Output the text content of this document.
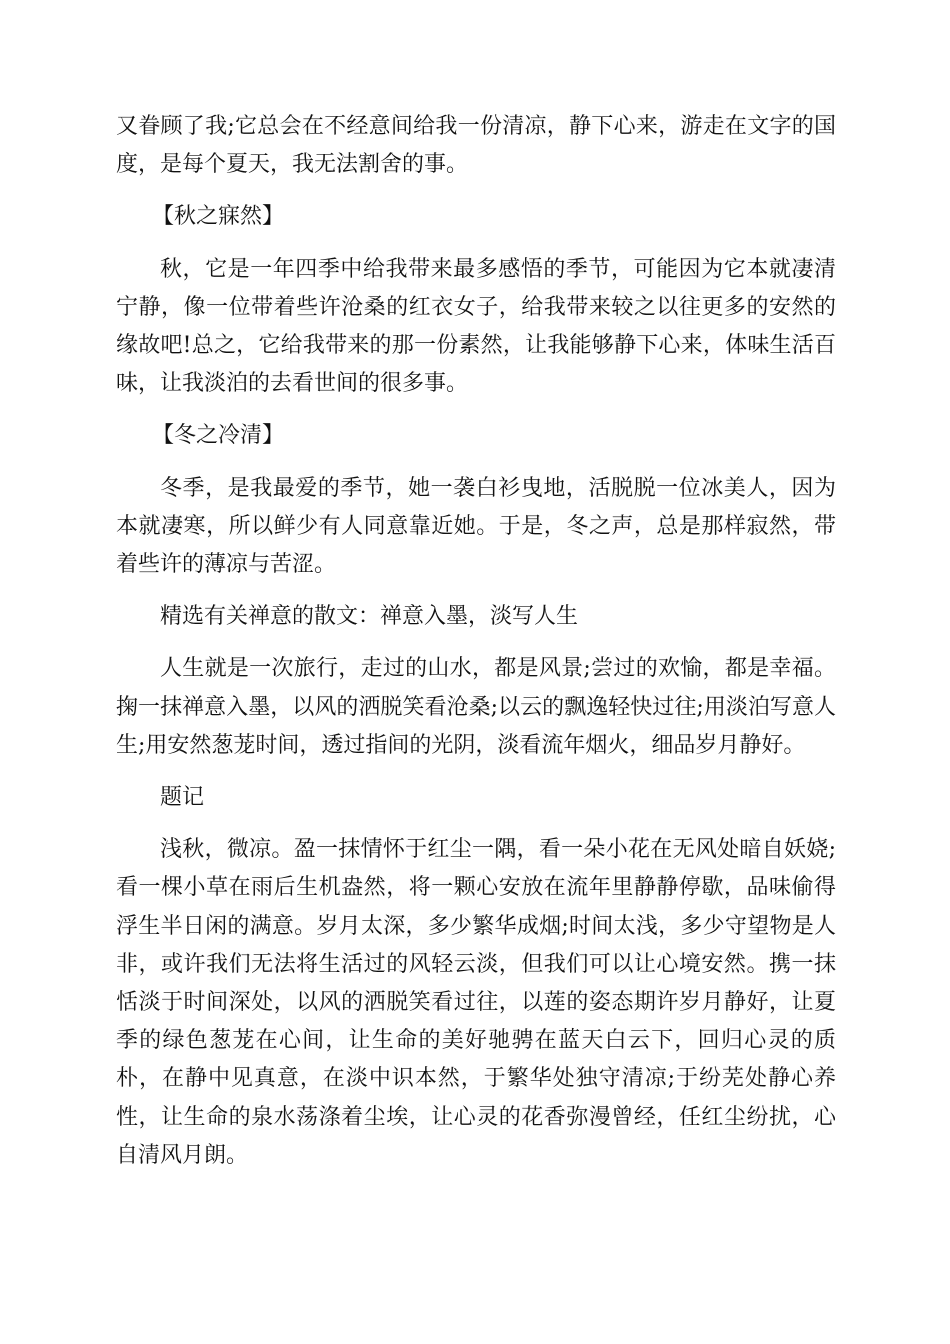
又眷顾了我;它总会在不经意间给我一份清凉，静下心来，游走在文字的国度，是每个夏天，我无法割舍的事。

【秋之寐然】

秋，它是一年四季中给我带来最多感悟的季节，可能因为它本就凄清宁静，像一位带着些许沧桑的红衣女子，给我带来较之以往更多的安然的缘故吧!总之，它给我带来的那一份素然，让我能够静下心来，体味生活百味，让我淡泊的去看世间的很多事。

【冬之冷清】

冬季，是我最爱的季节，她一袭白衫曳地，活脱脱一位冰美人，因为本就凄寒，所以鲜少有人同意靠近她。于是，冬之声，总是那样寂然，带着些许的薄凉与苦涩。

精选有关禅意的散文：禅意入墨，淡写人生

人生就是一次旅行，走过的山水，都是风景;尝过的欢愉，都是幸福。掬一抹禅意入墨，以风的洒脱笑看沧桑;以云的飘逸轻快过往;用淡泊写意人生;用安然葱茏时间，透过指间的光阴，淡看流年烟火，细品岁月静好。

题记

浅秋，微凉。盈一抹情怀于红尘一隅，看一朵小花在无风处暗自妖娆;看一棵小草在雨后生机盎然，将一颗心安放在流年里静静停歇，品味偷得浮生半日闲的满意。岁月太深，多少繁华成烟;时间太浅，多少守望物是人非，或许我们无法将生活过的风轻云淡，但我们可以让心境安然。携一抹恬淡于时间深处，以风的洒脱笑看过往，以莲的姿态期许岁月静好，让夏季的绿色葱茏在心间，让生命的美好驰骋在蓝天白云下，回归心灵的质朴，在静中见真意，在淡中识本然，于繁华处独守清凉;于纷芜处静心养性，让生命的泉水荡涤着尘埃，让心灵的花香弥漫曾经，任红尘纷扰，心自清风月朗。
